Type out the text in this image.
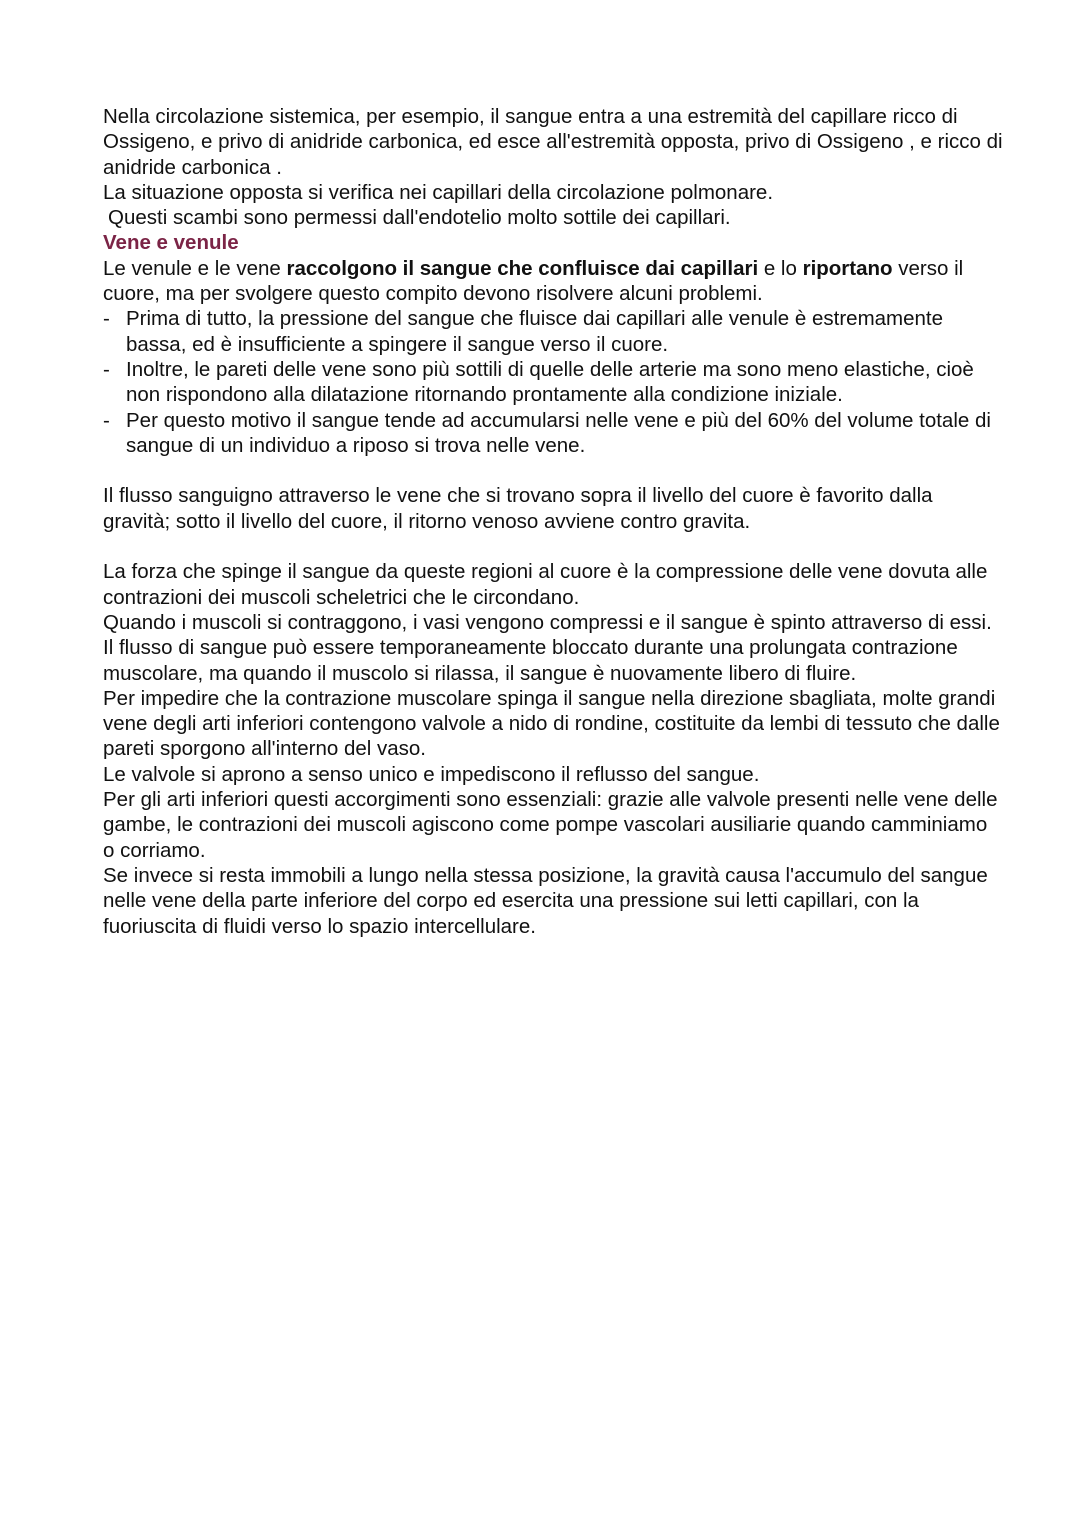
Nella circolazione sistemica, per esempio, il sangue entra a una estremità del capillare ricco di Ossigeno, e privo di anidride carbonica, ed esce all'estremità opposta, privo di Ossigeno , e ricco di anidride carbonica .

La situazione opposta si verifica nei capillari della circolazione polmonare.

Questi scambi sono permessi dall'endotelio molto sottile dei capillari.

Vene e venule

Le venule e le vene raccolgono il sangue che confluisce dai capillari e lo riportano verso il cuore, ma per svolgere questo compito devono risolvere alcuni problemi.

- Prima di tutto, la pressione del sangue che fluisce dai capillari alle venule è estremamente bassa, ed è insufficiente a spingere il sangue verso il cuore.
- Inoltre, le pareti delle vene sono più sottili di quelle delle arterie ma sono meno elastiche, cioè non rispondono alla dilatazione ritornando prontamente alla condizione iniziale.
- Per questo motivo il sangue tende ad accumularsi nelle vene e più del 60% del volume totale di sangue di un individuo a riposo si trova nelle vene.

Il flusso sanguigno attraverso le vene che si trovano sopra il livello del cuore è favorito dalla gravità; sotto il livello del cuore, il ritorno venoso avviene contro gravita.

La forza che spinge il sangue da queste regioni al cuore è la compressione delle vene dovuta alle contrazioni dei muscoli scheletrici che le circondano.

Quando i muscoli si contraggono, i vasi vengono compressi e il sangue è spinto attraverso di essi.

Il flusso di sangue può essere temporaneamente bloccato durante una prolungata contrazione muscolare, ma quando il muscolo si rilassa, il sangue è nuovamente libero di fluire.

Per impedire che la contrazione muscolare spinga il sangue nella direzione sbagliata, molte grandi vene degli arti inferiori contengono valvole a nido di rondine, costituite da lembi di tessuto che dalle pareti sporgono all'interno del vaso.

Le valvole si aprono a senso unico e impediscono il reflusso del sangue.

Per gli arti inferiori questi accorgimenti sono essenziali: grazie alle valvole presenti nelle vene delle gambe, le contrazioni dei muscoli agiscono come pompe vascolari ausiliarie quando camminiamo o corriamo.

Se invece si resta immobili a lungo nella stessa posizione, la gravità causa l'accumulo del sangue nelle vene della parte inferiore del corpo ed esercita una pressione sui letti capillari, con la fuoriuscita di fluidi verso lo spazio intercellulare.
